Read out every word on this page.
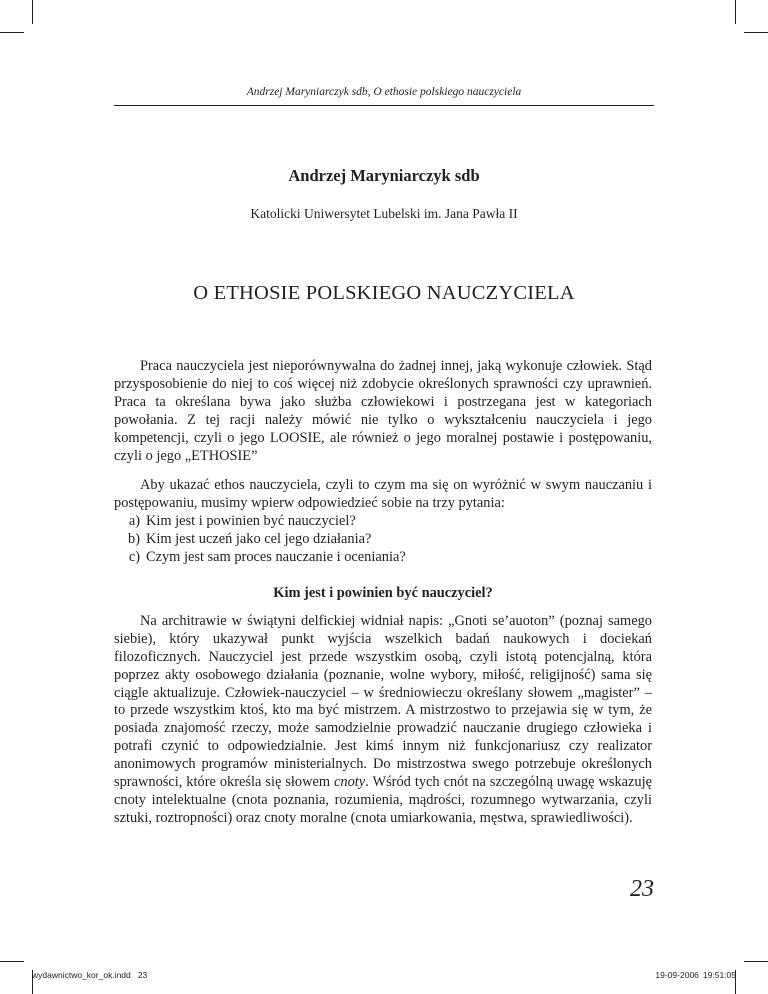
Andrzej Maryniarczyk sdb, O ethosie polskiego nauczyciela
Andrzej Maryniarczyk sdb
Katolicki Uniwersytet Lubelski im. Jana Pawła II
O ETHOSIE POLSKIEGO NAUCZYCIELA

Praca nauczyciela jest nieporównywalna do żadnej innej, jaką wykonuje człowiek. Stąd przysposobienie do niej to coś więcej niż zdobycie określonych sprawności czy uprawnień. Praca ta określana bywa jako służba człowiekowi i postrzegana jest w kategoriach powołania. Z tej racji należy mówić nie tylko o wykształceniu nauczyciela i jego kompetencji, czyli o jego LOOSIE, ale również o jego moralnej postawie i postępowaniu, czyli o jego „ETHOSIE”

Aby ukazać ethos nauczyciela, czyli to czym ma się on wyróżnić w swym nauczaniu i postępowaniu, musimy wpierw odpowiedzieć sobie na trzy pytania:

a) Kim jest i powinien być nauczyciel?
b) Kim jest uczeń jako cel jego działania?
c) Czym jest sam proces nauczanie i oceniania?
Kim jest i powinien być nauczyciel?

Na architrawie w świątyni delfickiej widniał napis: „Gnoti se’auoton” (poznaj samego siebie), który ukazywał punkt wyjścia wszelkich badań naukowych i dociekań filozoficznych. Nauczyciel jest przede wszystkim osobą, czyli istotą potencjalną, która poprzez akty osobowego działania (poznanie, wolne wybory, miłość, religijność) sama się ciągle aktualizuje. Człowiek-nauczyciel – w średniowieczu określany słowem „magister” – to przede wszystkim ktoś, kto ma być mistrzem. A mistrzostwo to przejawia się w tym, że posiada znajomość rzeczy, może samodzielnie prowadzić nauczanie drugiego człowieka i potrafi czynić to odpowiedzialnie. Jest kimś innym niż funkcjonariusz czy realizator anonimowych programów ministerialnych. Do mistrzostwa swego potrzebuje określonych sprawności, które określa się słowem cnoty. Wśród tych cnót na szczególną uwagę wskazuję cnoty intelektualne (cnota poznania, rozumienia, mądrości, rozumnego wytwarzania, czyli sztuki, roztropności) oraz cnoty moralne (cnota umiarkowania, męstwa, sprawiedliwości).

23
wydawnictwo_kor_ok.indd   23	19-09-2006 19:51:05
